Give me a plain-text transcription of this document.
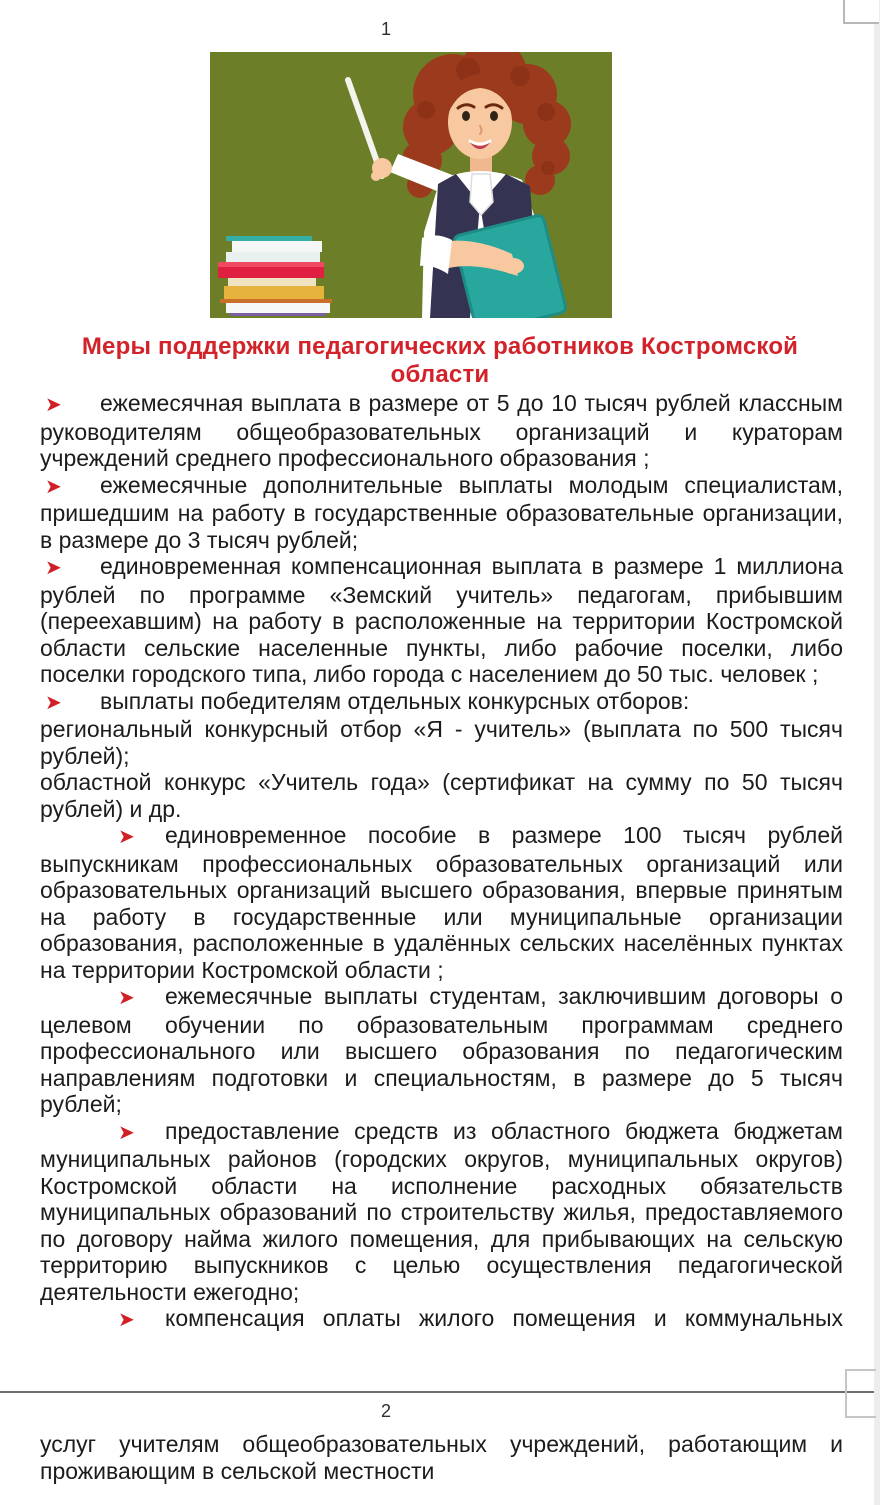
1
Меры поддержки педагогических работников Костромской области

➤ ежемесячная выплата в размере от 5 до 10 тысяч рублей классным руководителям общеобразовательных организаций и кураторам учреждений среднего профессионального образования ;

➤ ежемесячные дополнительные выплаты молодым специалистам, пришедшим на работу в государственные образовательные организации, в размере до 3 тысяч рублей;

➤ единовременная компенсационная выплата в размере 1 миллиона рублей по программе «Земский учитель» педагогам, прибывшим (переехавшим) на работу в расположенные на территории Костромской области сельские населенные пункты, либо рабочие поселки, либо поселки городского типа, либо города с населением до 50 тыс. человек ;

➤ выплаты победителям отдельных конкурсных отборов:

региональный конкурсный отбор «Я - учитель» (выплата по 500 тысяч рублей);

областной конкурс «Учитель года» (сертификат на сумму по 50 тысяч рублей) и др.

➤ единовременное пособие в размере 100 тысяч рублей выпускникам профессиональных образовательных организаций или образовательных организаций высшего образования, впервые принятым на работу в государственные или муниципальные организации образования, расположенные в удалённых сельских населённых пунктах на территории Костромской области ;

➤ ежемесячные выплаты студентам, заключившим договоры о целевом обучении по образовательным программам среднего профессионального или высшего образования по педагогическим направлениям подготовки и специальностям, в размере до 5 тысяч рублей;

➤ предоставление средств из областного бюджета бюджетам муниципальных районов (городских округов, муниципальных округов) Костромской области на исполнение расходных обязательств муниципальных образований по строительству жилья, предоставляемого по договору найма жилого помещения, для прибывающих на сельскую территорию выпускников с целью осуществления педагогической деятельности ежегодно;

➤ компенсация оплаты жилого помещения и коммунальных

2
услуг учителям общеобразовательных учреждений, работающим и
проживающим в сельской местности
